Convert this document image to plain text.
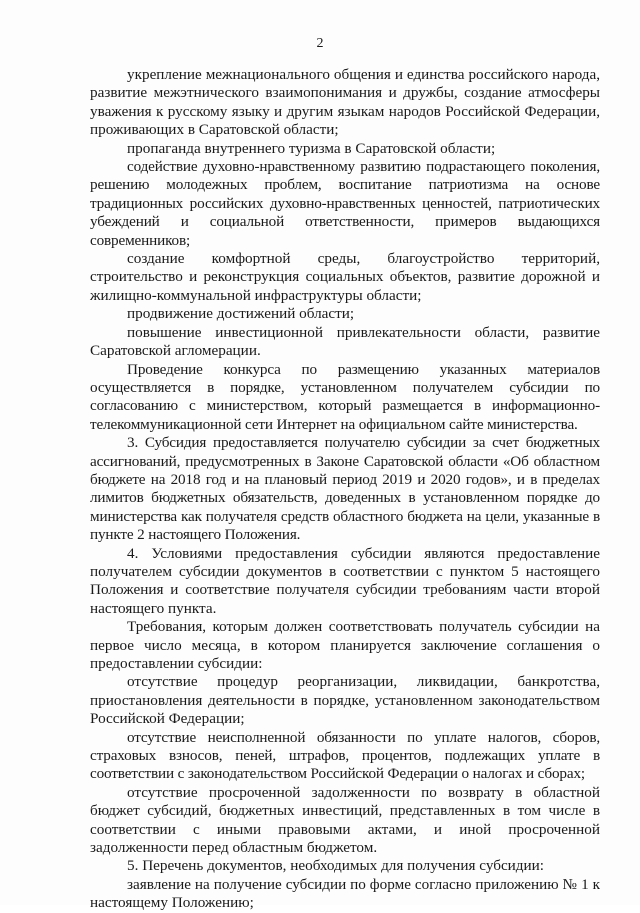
2

укрепление межнационального общения и единства российского народа, развитие межэтнического взаимопонимания и дружбы, создание атмосферы уважения к русскому языку и другим языкам народов Российской Федерации, проживающих в Саратовской области;

пропаганда внутреннего туризма в Саратовской области;

содействие духовно-нравственному развитию подрастающего поколения, решению молодежных проблем, воспитание патриотизма на основе традиционных российских духовно-нравственных ценностей, патриотических убеждений и социальной ответственности, примеров выдающихся современников;

создание комфортной среды, благоустройство территорий, строительство и реконструкция социальных объектов, развитие дорожной и жилищно-коммунальной инфраструктуры области;

продвижение достижений области;

повышение инвестиционной привлекательности области, развитие Саратовской агломерации.

Проведение конкурса по размещению указанных материалов осуществляется в порядке, установленном получателем субсидии по согласованию с министерством, который размещается в информационно-телекоммуникационной сети Интернет на официальном сайте министерства.

3. Субсидия предоставляется получателю субсидии за счет бюджетных ассигнований, предусмотренных в Законе Саратовской области «Об областном бюджете на 2018 год и на плановый период 2019 и 2020 годов», и в пределах лимитов бюджетных обязательств, доведенных в установленном порядке до министерства как получателя средств областного бюджета на цели, указанные в пункте 2 настоящего Положения.

4. Условиями предоставления субсидии являются предоставление получателем субсидии документов в соответствии с пунктом 5 настоящего Положения и соответствие получателя субсидии требованиям части второй настоящего пункта.

Требования, которым должен соответствовать получатель субсидии на первое число месяца, в котором планируется заключение соглашения о предоставлении субсидии:

отсутствие процедур реорганизации, ликвидации, банкротства, приостановления деятельности в порядке, установленном законодательством Российской Федерации;

отсутствие неисполненной обязанности по уплате налогов, сборов, страховых взносов, пеней, штрафов, процентов, подлежащих уплате в соответствии с законодательством Российской Федерации о налогах и сборах;

отсутствие просроченной задолженности по возврату в областной бюджет субсидий, бюджетных инвестиций, представленных в том числе в соответствии с иными правовыми актами, и иной просроченной задолженности перед областным бюджетом.

5. Перечень документов, необходимых для получения субсидии:

заявление на получение субсидии по форме согласно приложению № 1 к настоящему Положению;
